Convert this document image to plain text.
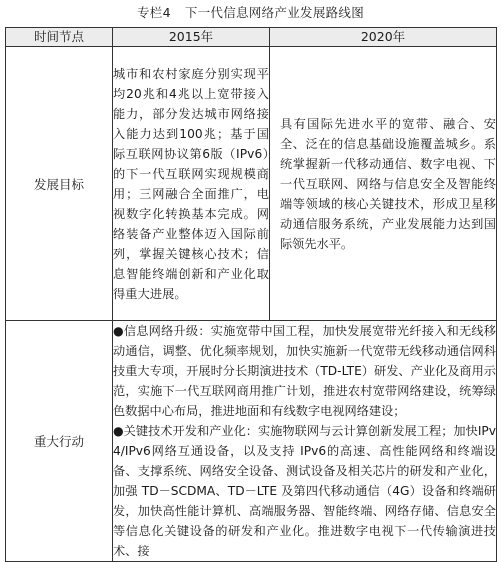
专栏4 下一代信息网络产业发展路线图
时间节点	2015年	2020年
发展目标	城市和农村家庭分别实现平均20兆和4兆以上宽带接入能力，部分发达城市网络接入能力达到100兆；基于国际互联网协议第6版（IPv6）的下一代互联网实现规模商用；三网融合全面推广，电视数字化转换基本完成。网络装备产业整体迈入国际前列，掌握关键核心技术；信息智能终端创新和产业化取得重大进展。	具有国际先进水平的宽带、融合、安全、泛在的信息基础设施覆盖城乡。系统掌握新一代移动通信、数字电视、下一代互联网、网络与信息安全及智能终端等领域的核心关键技术，形成卫星移动通信服务系统，产业发展能力达到国际领先水平。

重大行动	●信息网络升级：实施宽带中国工程，加快发展宽带光纤接入和无线移动通信，调整、优化频率规划，加快实施新一代宽带无线移动通信网科技重大专项，开展时分长期演进技术（TD-LTE）研发、产业化及商用示范，实施下一代互联网商用推广计划，推进农村宽带网络建设，统筹绿色数据中心布局，推进地面和有线数字电视网络建设；

●关键技术开发和产业化：实施物联网与云计算创新发展工程；加快IPv4/IPv6网络互通设备，以及支持 IPv6的高速、高性能网络和终端设备、支撑系统、网络安全设备、测试设备及相关芯片的研发和产业化，加强 TD－SCDMA、TD－LTE 及第四代移动通信（4G）设备和终端研发，加快高性能计算机、高端服务器、智能终端、网络存储、信息安全等信息化关键设备的研发和产业化。推进数字电视下一代传输演进技术、接	
